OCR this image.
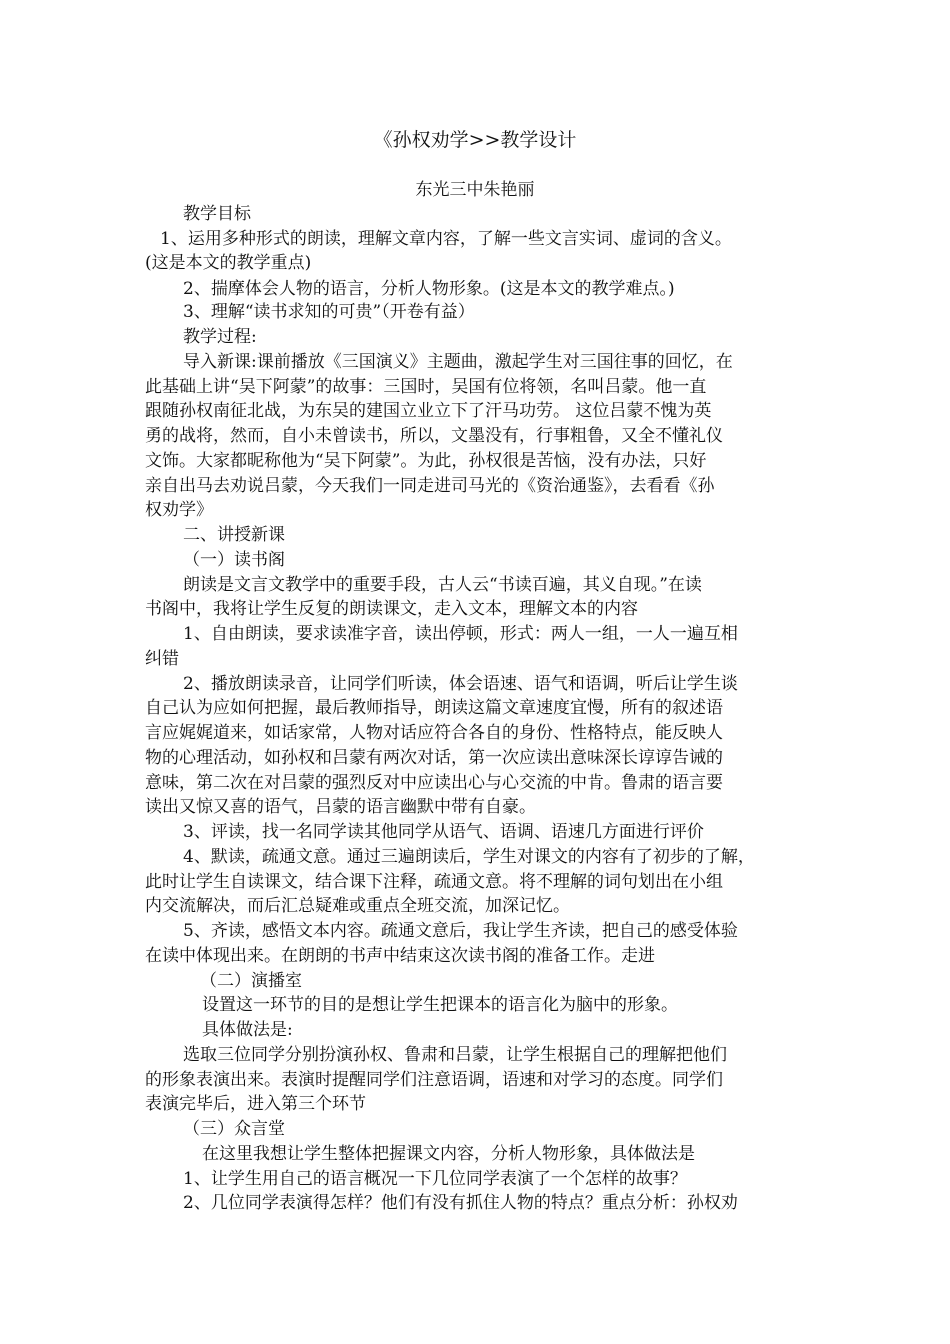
《孙权劝学>>教学设计
东光三中朱艳丽
教学目标
1、运用多种形式的朗读，理解文章内容，了解一些文言实词、虚词的含义。
(这是本文的教学重点)
2、揣摩体会人物的语言，分析人物形象。(这是本文的教学难点。)
3、理解“读书求知的可贵”（开卷有益）
教学过程:
导入新课:课前播放《三国演义》主题曲，激起学生对三国往事的回忆，在
此基础上讲“吴下阿蒙”的故事：三国时，吴国有位将领，名叫吕蒙。他一直
跟随孙权南征北战，为东吴的建国立业立下了汗马功劳。 这位吕蒙不愧为英
勇的战将，然而，自小未曾读书，所以，文墨没有，行事粗鲁，又全不懂礼仪
文饰。大家都昵称他为“吴下阿蒙”。为此，孙权很是苦恼，没有办法，只好
亲自出马去劝说吕蒙，今天我们一同走进司马光的《资治通鉴》，去看看《孙
权劝学》
二、讲授新课
（一）读书阁
朗读是文言文教学中的重要手段，古人云“书读百遍，其义自现。”在读
书阁中，我将让学生反复的朗读课文，走入文本，理解文本的内容
1、自由朗读，要求读准字音，读出停顿，形式：两人一组，一人一遍互相
纠错
2、播放朗读录音，让同学们听读，体会语速、语气和语调，听后让学生谈
自己认为应如何把握，最后教师指导，朗读这篇文章速度宜慢，所有的叙述语
言应娓娓道来，如话家常，人物对话应符合各自的身份、性格特点，能反映人
物的心理活动，如孙权和吕蒙有两次对话，第一次应读出意味深长谆谆告诫的
意味，第二次在对吕蒙的强烈反对中应读出心与心交流的中肯。鲁肃的语言要
读出又惊又喜的语气，吕蒙的语言幽默中带有自豪。
3、评读，找一名同学读其他同学从语气、语调、语速几方面进行评价
4、默读，疏通文意。通过三遍朗读后，学生对课文的内容有了初步的了解，
此时让学生自读课文，结合课下注释，疏通文意。将不理解的词句划出在小组
内交流解决，而后汇总疑难或重点全班交流，加深记忆。
5、齐读，感悟文本内容。疏通文意后，我让学生齐读，把自己的感受体验
在读中体现出来。在朗朗的书声中结束这次读书阁的准备工作。走进
（二）演播室
设置这一环节的目的是想让学生把课本的语言化为脑中的形象。
具体做法是:
选取三位同学分别扮演孙权、鲁肃和吕蒙，让学生根据自己的理解把他们
的形象表演出来。表演时提醒同学们注意语调，语速和对学习的态度。同学们
表演完毕后，进入第三个环节
（三）众言堂
在这里我想让学生整体把握课文内容，分析人物形象，具体做法是
1、让学生用自己的语言概况一下几位同学表演了一个怎样的故事？
2、几位同学表演得怎样？他们有没有抓住人物的特点？重点分析：孙权劝
